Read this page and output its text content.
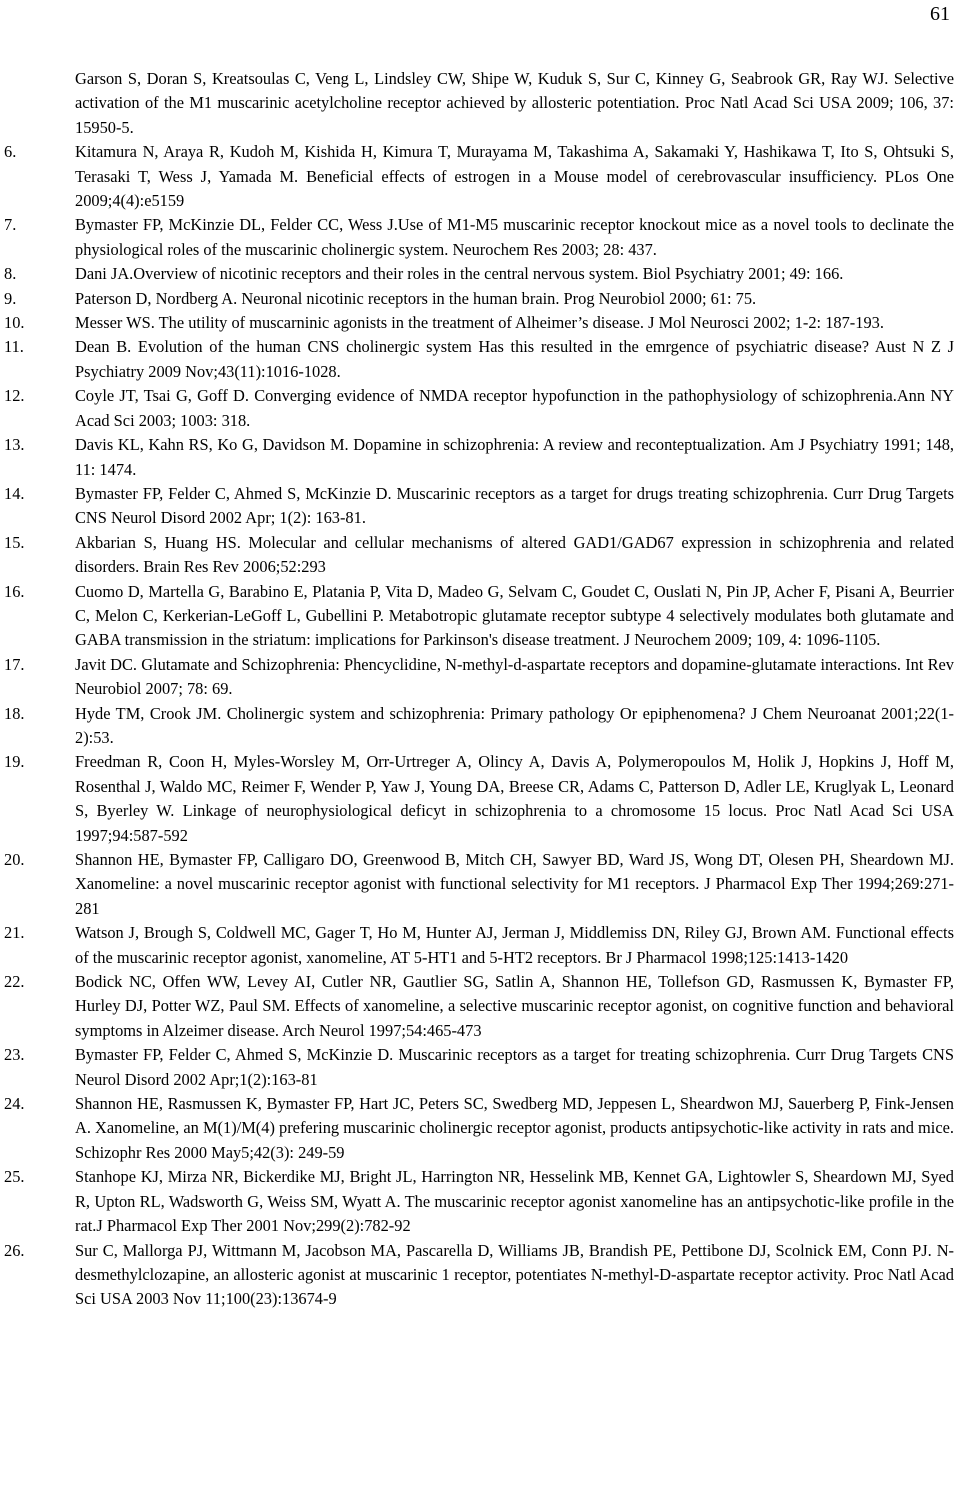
61
Garson S, Doran S, Kreatsoulas C, Veng L, Lindsley CW, Shipe W, Kuduk S, Sur C, Kinney G, Seabrook GR, Ray WJ. Selective activation of the M1 muscarinic acetylcholine receptor achieved by allosteric potentiation. Proc Natl Acad Sci USA 2009; 106, 37: 15950-5.
6.	Kitamura N, Araya R, Kudoh M, Kishida H, Kimura T, Murayama M, Takashima A, Sakamaki Y, Hashikawa T, Ito S, Ohtsuki S, Terasaki T, Wess J, Yamada M. Beneficial effects of estrogen in a Mouse model of cerebrovascular insufficiency. PLos One 2009;4(4):e5159
7.	Bymaster FP, McKinzie DL, Felder CC, Wess J.Use of M1-M5 muscarinic receptor knockout mice as a novel tools to declinate the physiological roles of the muscarinic cholinergic system. Neurochem Res 2003; 28: 437.
8.	Dani JA.Overview of nicotinic receptors and their roles in the central nervous system. Biol Psychiatry 2001; 49: 166.
9.	Paterson D, Nordberg A. Neuronal nicotinic receptors in the human brain. Prog Neurobiol 2000; 61: 75.
10.	Messer WS. The utility of muscarninic agonists in the treatment of Alheimer’s disease. J Mol Neurosci 2002; 1-2: 187-193.
11.	Dean B. Evolution of the human CNS cholinergic system Has this resulted in the emrgence of psychiatric disease? Aust N Z J Psychiatry 2009 Nov;43(11):1016-1028.
12.	Coyle JT, Tsai G, Goff D. Converging evidence of NMDA receptor hypofunction in the pathophysiology of schizophrenia.Ann NY Acad Sci 2003; 1003: 318.
13.	Davis KL, Kahn RS, Ko G, Davidson M. Dopamine in schizophrenia: A review and reconteptualization. Am J Psychiatry 1991; 148, 11: 1474.
14.	Bymaster FP, Felder C, Ahmed S, McKinzie D. Muscarinic receptors as a target for drugs treating schizophrenia. Curr Drug Targets CNS Neurol Disord 2002 Apr; 1(2): 163-81.
15.	Akbarian S, Huang HS. Molecular and cellular mechanisms of altered GAD1/GAD67 expression in schizophrenia and related disorders. Brain Res Rev 2006;52:293
16.	Cuomo D, Martella G, Barabino E, Platania P, Vita D, Madeo G, Selvam C, Goudet C, Ouslati N, Pin JP, Acher F, Pisani A, Beurrier C, Melon C, Kerkerian-LeGoff L, Gubellini P. Metabotropic glutamate receptor subtype 4 selectively modulates both glutamate and GABA transmission in the striatum: implications for Parkinson's disease treatment. J Neurochem 2009; 109, 4: 1096-1105.
17.	Javit DC. Glutamate and Schizophrenia: Phencyclidine, N-methyl-d-aspartate receptors and dopamine-glutamate interactions. Int Rev Neurobiol 2007; 78: 69.
18.	Hyde TM, Crook JM. Cholinergic system and schizophrenia: Primary pathology Or epiphenomena? J Chem Neuroanat 2001;22(1-2):53.
19.	Freedman R, Coon H, Myles-Worsley M, Orr-Urtreger A, Olincy A, Davis A, Polymeropoulos M, Holik J, Hopkins J, Hoff M, Rosenthal J, Waldo MC, Reimer F, Wender P, Yaw J, Young DA, Breese CR, Adams C, Patterson D, Adler LE, Kruglyak L, Leonard S, Byerley W. Linkage of neurophysiological deficyt in schizophrenia to a chromosome 15 locus. Proc Natl Acad Sci USA 1997;94:587-592
20.	Shannon HE, Bymaster FP, Calligaro DO, Greenwood B, Mitch CH, Sawyer BD, Ward JS, Wong DT, Olesen PH, Sheardown MJ. Xanomeline: a novel muscarinic receptor agonist with functional selectivity for M1 receptors. J Pharmacol Exp Ther 1994;269:271-281
21.	Watson J, Brough S, Coldwell MC, Gager T, Ho M, Hunter AJ, Jerman J, Middlemiss DN, Riley GJ, Brown AM. Functional effects of the muscarinic receptor agonist, xanomeline, AT 5-HT1 and 5-HT2 receptors. Br J Pharmacol 1998;125:1413-1420
22.	Bodick NC, Offen WW, Levey AI, Cutler NR, Gautlier SG, Satlin A, Shannon HE, Tollefson GD, Rasmussen K, Bymaster FP, Hurley DJ, Potter WZ, Paul SM. Effects of xanomeline, a selective muscarinic receptor agonist, on cognitive function and behavioral symptoms in Alzeimer disease. Arch Neurol 1997;54:465-473
23.	Bymaster FP, Felder C, Ahmed S, McKinzie D. Muscarinic receptors as a target for treating schizophrenia. Curr Drug Targets CNS Neurol Disord 2002 Apr;1(2):163-81
24.	Shannon HE, Rasmussen K, Bymaster FP, Hart JC, Peters SC, Swedberg MD, Jeppesen L, Sheardwon MJ, Sauerberg P, Fink-Jensen A. Xanomeline, an M(1)/M(4) prefering muscarinic cholinergic receptor agonist, products antipsychotic-like activity in rats and mice. Schizophr Res 2000 May5;42(3): 249-59
25.	Stanhope KJ, Mirza NR, Bickerdike MJ, Bright JL, Harrington NR, Hesselink MB, Kennet GA, Lightowler S, Sheardown MJ, Syed R, Upton RL, Wadsworth G, Weiss SM, Wyatt A. The muscarinic receptor agonist xanomeline has an antipsychotic-like profile in the rat.J Pharmacol Exp Ther 2001 Nov;299(2):782-92
26.	Sur C, Mallorga PJ, Wittmann M, Jacobson MA, Pascarella D, Williams JB, Brandish PE, Pettibone DJ, Scolnick EM, Conn PJ. N-desmethylclozapine, an allosteric agonist at muscarinic 1 receptor, potentiates N-methyl-D-aspartate receptor activity. Proc Natl Acad Sci USA 2003 Nov 11;100(23):13674-9
